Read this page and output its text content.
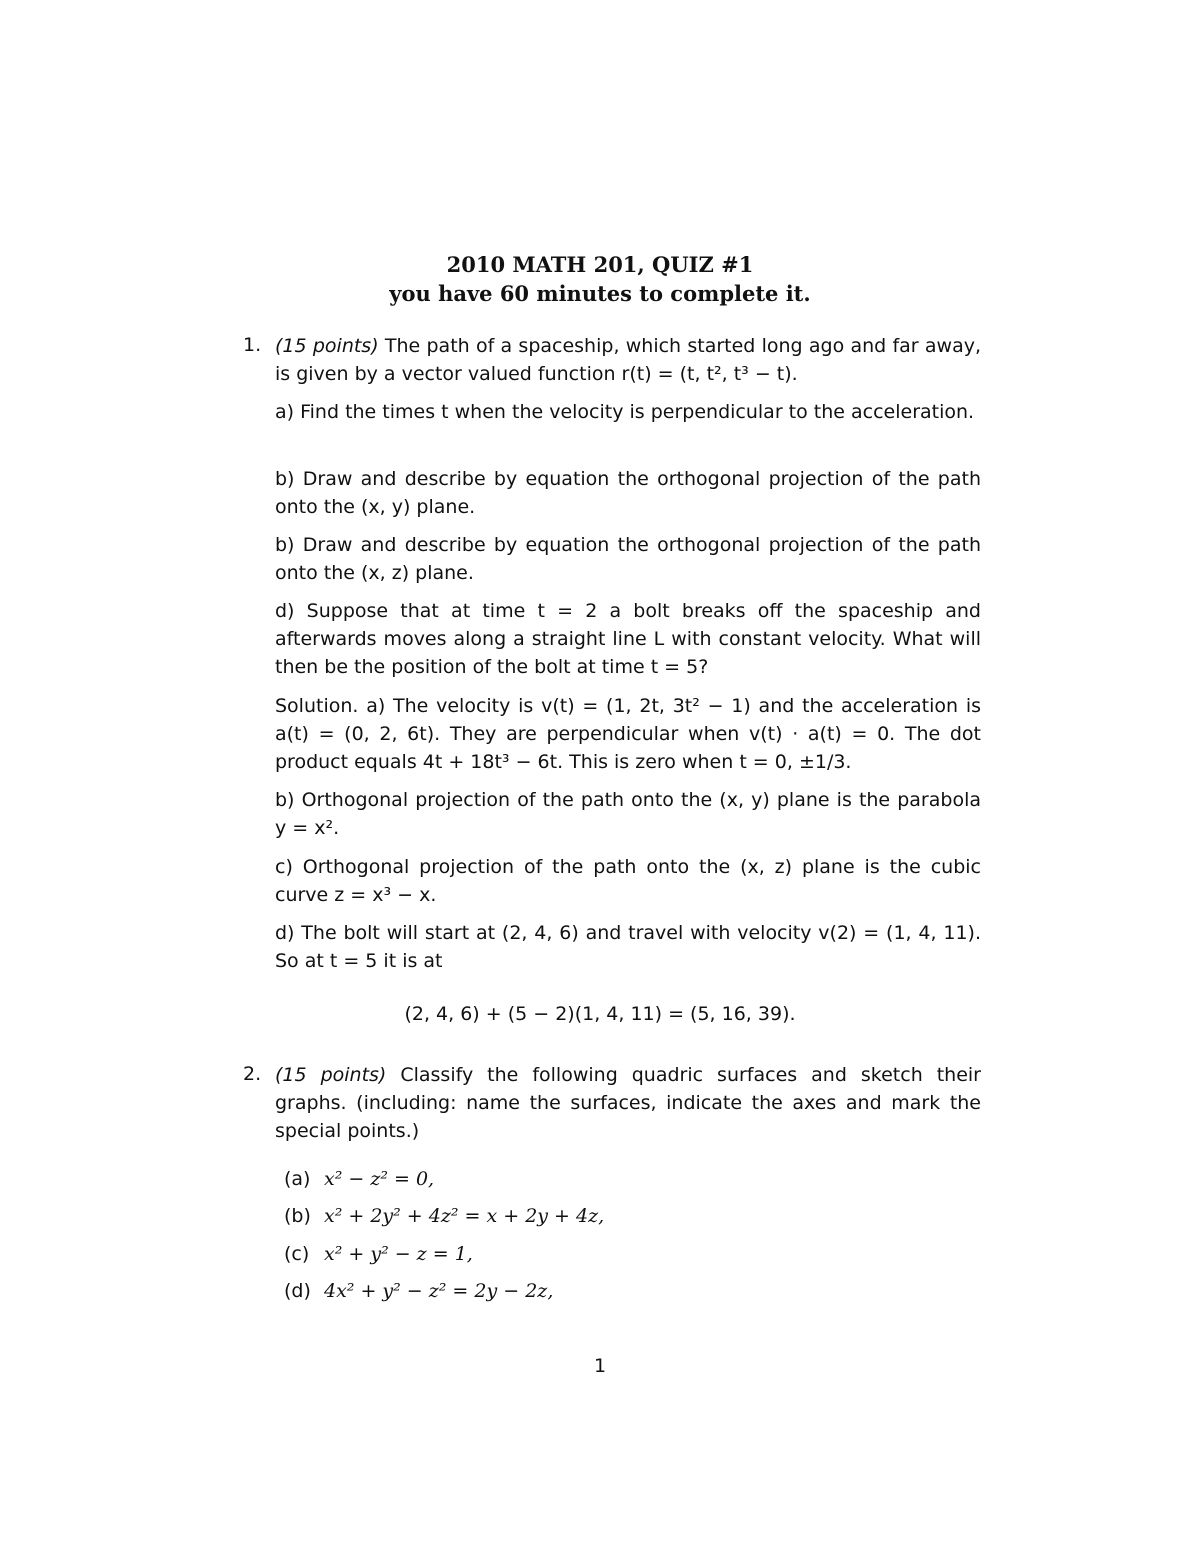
2010 MATH 201, QUIZ #1
you have 60 minutes to complete it.
1. (15 points) The path of a spaceship, which started long ago and far away, is given by a vector valued function r(t) = (t, t², t³ − t).

a) Find the times t when the velocity is perpendicular to the acceleration.

b) Draw and describe by equation the orthogonal projection of the path onto the (x, y) plane.

b) Draw and describe by equation the orthogonal projection of the path onto the (x, z) plane.

d) Suppose that at time t = 2 a bolt breaks off the spaceship and afterwards moves along a straight line L with constant velocity. What will then be the position of the bolt at time t = 5?

Solution. a) The velocity is v(t) = (1, 2t, 3t² − 1) and the acceleration is a(t) = (0, 2, 6t). They are perpendicular when v(t) · a(t) = 0. The dot product equals 4t + 18t³ − 6t. This is zero when t = 0, ±1/3.

b) Orthogonal projection of the path onto the (x, y) plane is the parabola y = x².

c) Orthogonal projection of the path onto the (x, z) plane is the cubic curve z = x³ − x.

d) The bolt will start at (2, 4, 6) and travel with velocity v(2) = (1, 4, 11). So at t = 5 it is at

(2, 4, 6) + (5 − 2)(1, 4, 11) = (5, 16, 39).
2. (15 points) Classify the following quadric surfaces and sketch their graphs. (including: name the surfaces, indicate the axes and mark the special points.)

(a) x² − z² = 0,
(b) x² + 2y² + 4z² = x + 2y + 4z,
(c) x² + y² − z = 1,
(d) 4x² + y² − z² = 2y − 2z,
1
